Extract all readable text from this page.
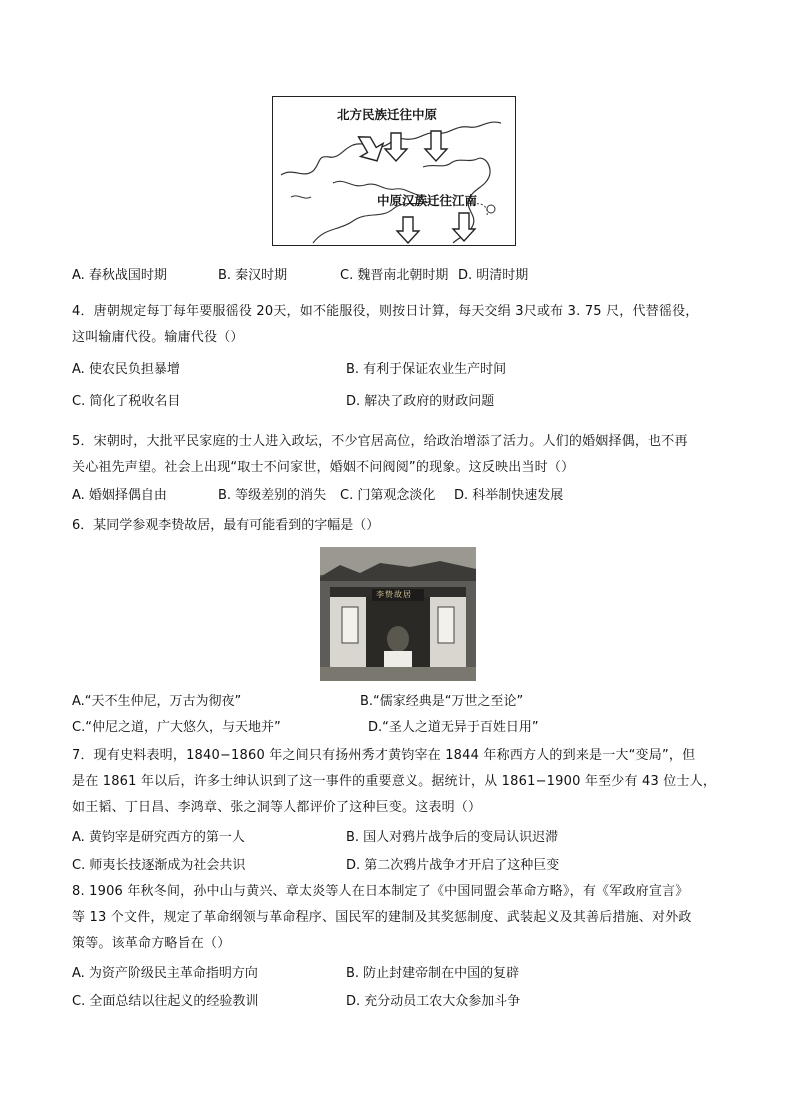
北方民族迁往中原
中原汉族迁往江南
A. 春秋战国时期	B. 秦汉时期	C. 魏晋南北朝时期 D. 明清时期
4．唐朝规定每丁每年要服徭役 20天，如不能服役，则按日计算，每天交绢 3尺或布 3. 75 尺，代替徭役，
这叫输庸代役。输庸代役（）
A. 使农民负担暴增	B. 有利于保证农业生产时间
C. 简化了税收名目	D. 解决了政府的财政问题
5．宋朝时，大批平民家庭的士人进入政坛，不少官居高位，给政治增添了活力。人们的婚姻择偶，也不再
关心祖先声望。社会上出现“取士不问家世，婚姻不问阀阅”的现象。这反映出当时（）
A. 婚姻择偶自由	B. 等级差别的消失 C. 门第观念淡化 D. 科举制快速发展
6．某同学参观李贽故居，最有可能看到的字幅是（）
李贽故居
A.“天不生仲尼，万古为彻夜”	B.“儒家经典是“万世之至论”
C.“仲尼之道，广大悠久，与天地并”	D.“圣人之道无异于百姓日用”
7．现有史料表明，1840−1860 年之间只有扬州秀才黄钧宰在 1844 年称西方人的到来是一大“变局”，但
是在 1861 年以后，许多士绅认识到了这一事件的重要意义。据统计，从 1861−1900 年至少有 43 位士人，
如王韬、丁日昌、李鸿章、张之洞等人都评价了这种巨变。这表明（）
A. 黄钧宰是研究西方的第一人	B. 国人对鸦片战争后的变局认识迟滞
C. 师夷长技逐渐成为社会共识	D. 第二次鸦片战争才开启了这种巨变
8. 1906 年秋冬间，孙中山与黄兴、章太炎等人在日本制定了《中国同盟会革命方略》，有《军政府宣言》
等 13 个文件，规定了革命纲领与革命程序、国民军的建制及其奖惩制度、武装起义及其善后措施、对外政
策等。该革命方略旨在（）
A. 为资产阶级民主革命指明方向	B. 防止封建帝制在中国的复辟
C. 全面总结以往起义的经验教训	D. 充分动员工农大众参加斗争
